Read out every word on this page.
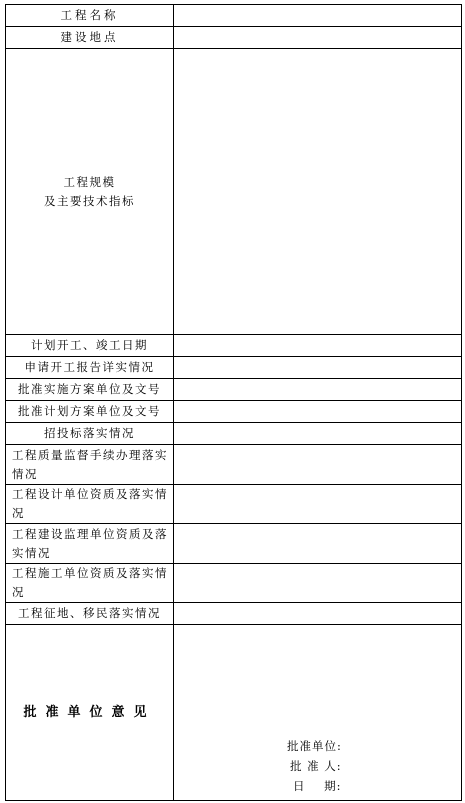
工程名称	
建设地点	

工程规模
及主要技术指标	

计划开工、竣工日期	
申请开工报告详实情况	
批准实施方案单位及文号	
批准计划方案单位及文号	
招投标落实情况	
工程质量监督手续办理落实情况	
工程设计单位资质及落实情况	
工程建设监理单位资质及落实情况	
工程施工单位资质及落实情况	
工程征地、移民落实情况	
批准单位意见	批准单位:
批 准 人:
日    期:
